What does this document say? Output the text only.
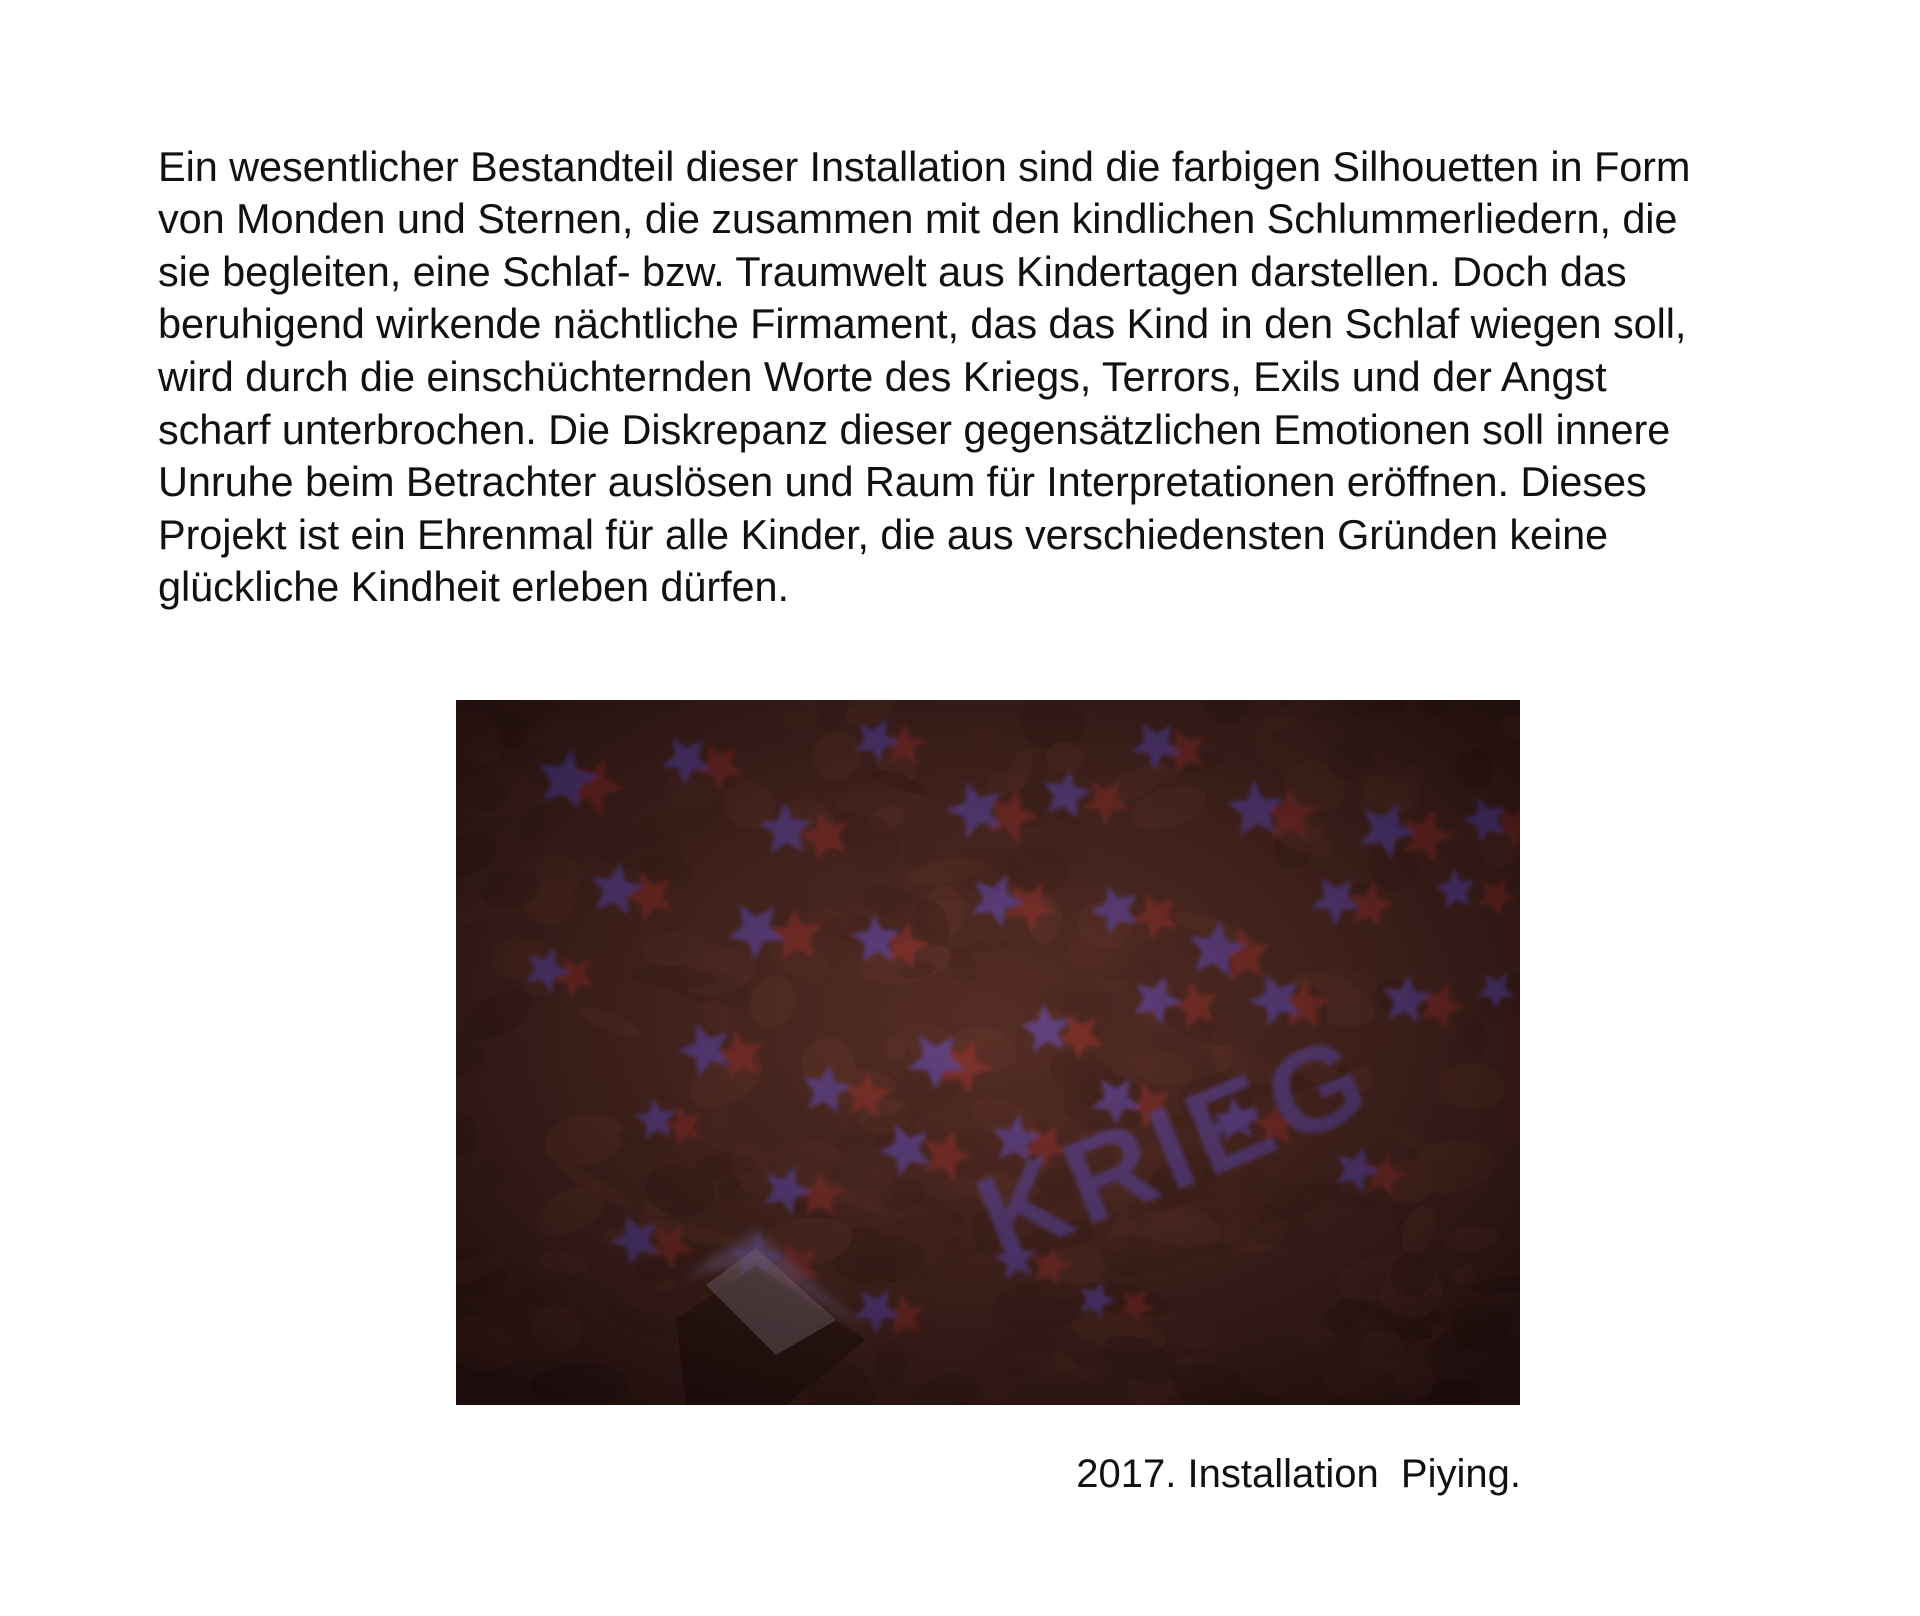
Ein wesentlicher Bestandteil dieser Installation sind die farbigen Silhouetten in Form
von Monden und Sternen, die zusammen mit den kindlichen Schlummerliedern, die
sie begleiten, eine Schlaf- bzw. Traumwelt aus Kindertagen darstellen. Doch das
beruhigend wirkende nächtliche Firmament, das das Kind in den Schlaf wiegen soll,
wird durch die einschüchternden Worte des Kriegs, Terrors, Exils und der Angst
scharf unterbrochen. Die Diskrepanz dieser gegensätzlichen Emotionen soll innere
Unruhe beim Betrachter auslösen und Raum für Interpretationen eröffnen. Dieses
Projekt ist ein Ehrenmal für alle Kinder, die aus verschiedensten Gründen keine
glückliche Kindheit erleben dürfen.

2017. Installation  Piying.
